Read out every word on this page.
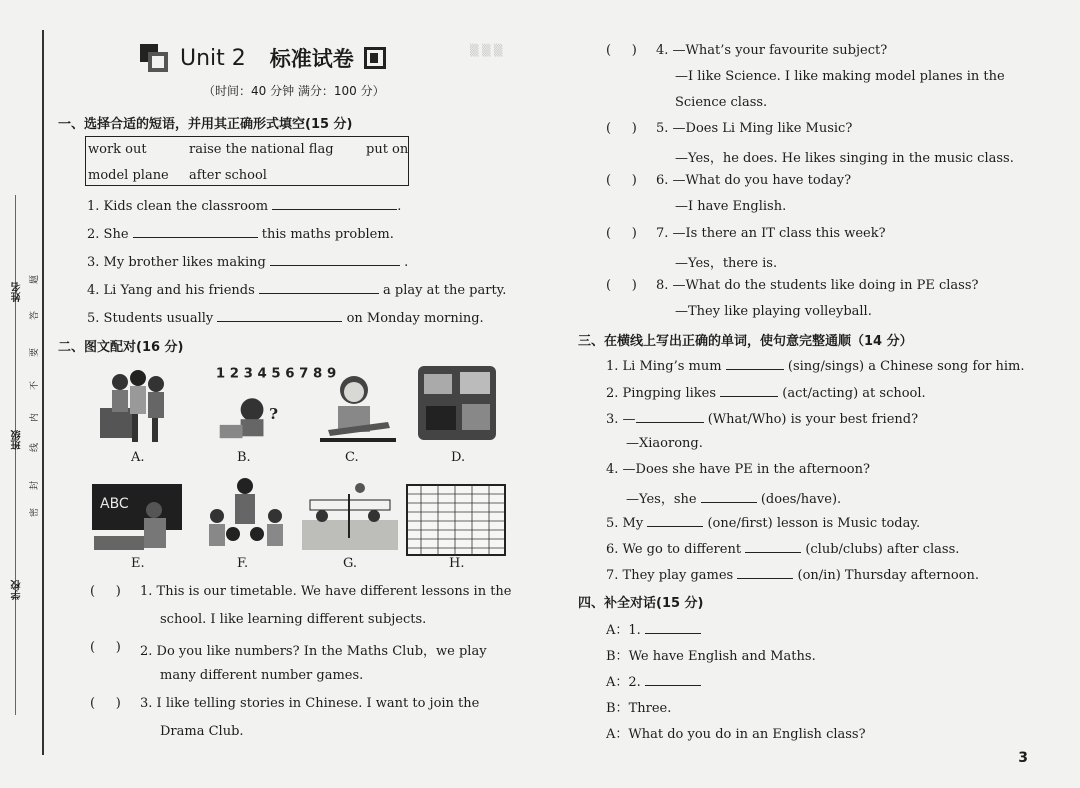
学校
班级
姓名
密
封
线
内
不
要
答
题
▒ ▒ ▒
Unit 2 标准试卷
（时间：40 分钟 满分：100 分）
一、选择合适的短语，并用其正确形式填空(15 分)
work out	raise the national flag put on
model plane after school
1. Kids clean the classroom	.
2. She	this maths problem.
3. My brother likes making	.
4. Li Yang and his friends	a play at the party.
5. Students usually	on Monday morning.
二、图文配对(16 分)
1 2 3 4 5 6 7 8 9
?
A.	B.	C.	D.
ABC
E.	F.	G.	H.
(     ) 1. This is our timetable. We have different lessons in the
school. I like learning different subjects.
(     ) 2. Do you like numbers? In the Maths Club，we play
many different number games.
(     ) 3. I like telling stories in Chinese. I want to join the
Drama Club.
(     ) 4. —What’s your favourite subject?
—I like Science. I like making model planes in the
Science class.
(     ) 5. —Does Li Ming like Music?
—Yes，he does. He likes singing in the music class.
(     ) 6. —What do you have today?
—I have English.
(     ) 7. —Is there an IT class this week?
—Yes，there is.
(     ) 8. —What do the students like doing in PE class?
—They like playing volleyball.
三、在横线上写出正确的单词，使句意完整通顺（14 分）
1. Li Ming’s mum	(sing/sings) a Chinese song for him.
2. Pingping likes	(act/acting) at school.
3. —	(What/Who) is your best friend?
—Xiaorong.
4. —Does she have PE in the afternoon?
—Yes，she	(does/have).
5. My	(one/first) lesson is Music today.
6. We go to different	(club/clubs) after class.
7. They play games	(on/in) Thursday afternoon.
四、补全对话(15 分)
A：1.
B：We have English and Maths.
A：2.
B：Three.
A：What do you do in an English class?
3
